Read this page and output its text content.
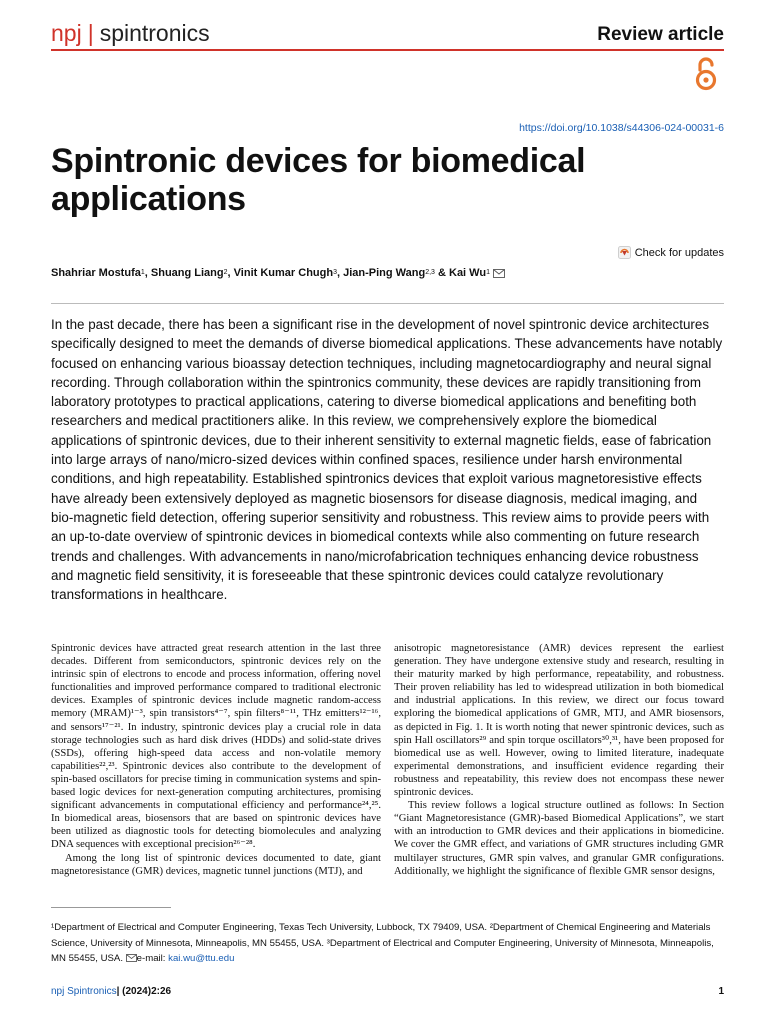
npj | spintronics	Review article
https://doi.org/10.1038/s44306-024-00031-6
Spintronic devices for biomedical applications
Check for updates
Shahriar Mostufa$^1$ , Shuang Liang$^2$ , Vinit Kumar Chugh$^3$ , Jian-Ping Wang$^{2,3}$ & Kai Wu$^1$
In the past decade, there has been a significant rise in the development of novel spintronic device architectures specifically designed to meet the demands of diverse biomedical applications. These advancements have notably focused on enhancing various bioassay detection techniques, including magnetocardiography and neural signal recording. Through collaboration within the spintronics community, these devices are rapidly transitioning from laboratory prototypes to practical applications, catering to diverse biomedical applications and benefiting both researchers and medical practitioners alike. In this review, we comprehensively explore the biomedical applications of spintronic devices, due to their inherent sensitivity to external magnetic fields, ease of fabrication into large arrays of nano/micro-sized devices within confined spaces, resilience under harsh environmental conditions, and high repeatability. Established spintronics devices that exploit various magnetoresistive effects have already been extensively deployed as magnetic biosensors for disease diagnosis, medical imaging, and bio-magnetic field detection, offering superior sensitivity and robustness. This review aims to provide peers with an up-to-date overview of spintronic devices in biomedical contexts while also commenting on future research trends and challenges. With advancements in nano/microfabrication techniques enhancing device robustness and magnetic field sensitivity, it is foreseeable that these spintronic devices could catalyze revolutionary transformations in healthcare.

Spintronic devices have attracted great research attention in the last three decades. Different from semiconductors, spintronic devices rely on the intrinsic spin of electrons to encode and process information, offering novel functionalities and improved performance compared to traditional electronic devices. Examples of spintronic devices include magnetic random-access memory (MRAM)¹⁻³, spin transistors⁴⁻⁷, spin filters⁸⁻¹¹, THz emitters¹²⁻¹⁶, and sensors¹⁷⁻²¹. In industry, spintronic devices play a crucial role in data storage technologies such as hard disk drives (HDDs) and solid-state drives (SSDs), offering high-speed data access and non-volatile memory capabilities²²,²³. Spintronic devices also contribute to the development of spin-based oscillators for precise timing in communication systems and spin-based logic devices for next-generation computing architectures, promising significant advancements in computational efficiency and performance²⁴,²⁵. In biomedical areas, biosensors that are based on spintronic devices have been utilized as diagnostic tools for detecting biomolecules and analyzing DNA sequences with exceptional precision²⁶⁻²⁸.

Among the long list of spintronic devices documented to date, giant magnetoresistance (GMR) devices, magnetic tunnel junctions (MTJ), and

anisotropic magnetoresistance (AMR) devices represent the earliest generation. They have undergone extensive study and research, resulting in their maturity marked by high performance, repeatability, and robustness. Their proven reliability has led to widespread utilization in both biomedical and industrial applications. In this review, we direct our focus toward exploring the biomedical applications of GMR, MTJ, and AMR biosensors, as depicted in Fig. 1. It is worth noting that newer spintronic devices, such as spin Hall oscillators²⁹ and spin torque oscillators³⁰,³¹, have been proposed for biomedical use as well. However, owing to limited literature, inadequate experimental demonstrations, and insufficient evidence regarding their robustness and repeatability, this review does not encompass these newer spintronic devices.

This review follows a logical structure outlined as follows: In Section “Giant Magnetoresistance (GMR)-based Biomedical Applications”, we start with an introduction to GMR devices and their applications in biomedicine. We cover the GMR effect, and variations of GMR structures including GMR multilayer structures, GMR spin valves, and granular GMR configurations. Additionally, we highlight the significance of flexible GMR sensor designs,

¹Department of Electrical and Computer Engineering, Texas Tech University, Lubbock, TX 79409, USA. ²Department of Chemical Engineering and Materials Science, University of Minnesota, Minneapolis, MN 55455, USA. ³Department of Electrical and Computer Engineering, University of Minnesota, Minneapolis, MN 55455, USA. e-mail: kai.wu@ttu.edu
npj Spintronics| (2024)2:26	1
